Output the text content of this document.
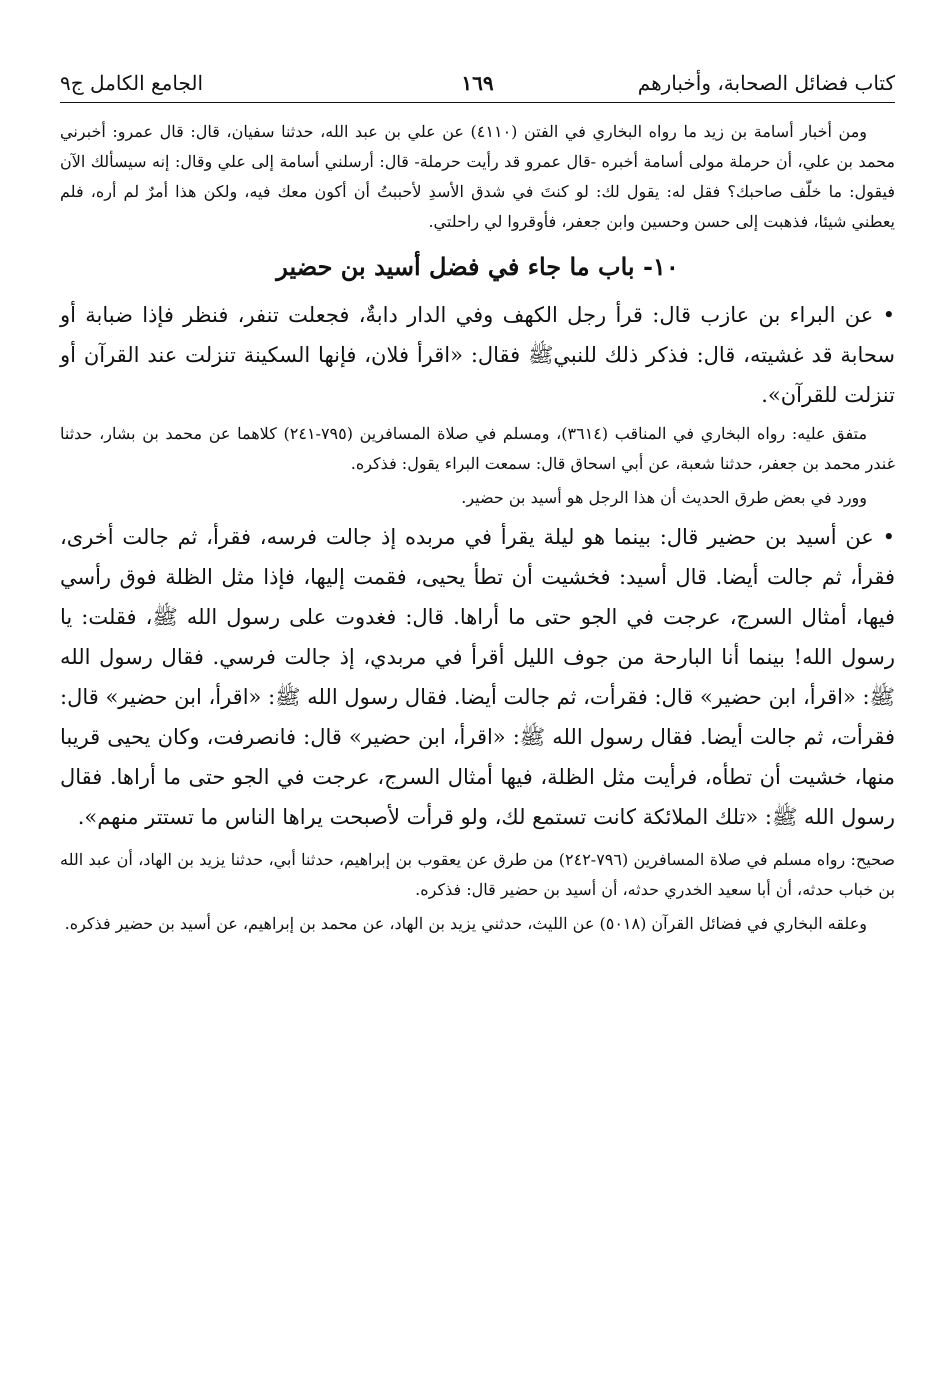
كتاب فضائل الصحابة، وأخبارهم
١٦٩
الجامع الكامل ج٩

ومن أخبار أسامة بن زيد ما رواه البخاري في الفتن (٤١١٠) عن علي بن عبد الله، حدثنا سفيان، قال: قال عمرو: أخبرني محمد بن علي، أن حرملة مولى أسامة أخبره -قال عمرو قد رأيت حرملة- قال: أرسلني أسامة إلى علي وقال: إنه سيسألك الآن فيقول: ما خلّف صاحبك؟ فقل له: يقول لك: لو كنتَ في شدق الأسدِ لأحببتُ أن أكون معك فيه، ولكن هذا أمرٌ لم أره، فلم يعطني شيئا، فذهبت إلى حسن وحسين وابن جعفر، فأوقروا لي راحلتي.

١٠- باب ما جاء في فضل أسيد بن حضير

• عن البراء بن عازب قال: قرأ رجل الكهف وفي الدار دابةٌ، فجعلت تنفر، فنظر فإذا ضبابة أو سحابة قد غشيته، قال: فذكر ذلك للنبيﷺ فقال: «اقرأ فلان، فإنها السكينة تنزلت عند القرآن أو تنزلت للقرآن».

متفق عليه: رواه البخاري في المناقب (٣٦١٤)، ومسلم في صلاة المسافرين (٧٩٥-٢٤١) كلاهما عن محمد بن بشار، حدثنا غندر محمد بن جعفر، حدثنا شعبة، عن أبي اسحاق قال: سمعت البراء يقول: فذكره.

وورد في بعض طرق الحديث أن هذا الرجل هو أسيد بن حضير.

• عن أسيد بن حضير قال: بينما هو ليلة يقرأ في مربده إذ جالت فرسه، فقرأ، ثم جالت أخرى، فقرأ، ثم جالت أيضا. قال أسيد: فخشيت أن تطأ يحيى، فقمت إليها، فإذا مثل الظلة فوق رأسي فيها، أمثال السرج، عرجت في الجو حتى ما أراها. قال: فغدوت على رسول الله ﷺ، فقلت: يا رسول الله! بينما أنا البارحة من جوف الليل أقرأ في مربدي، إذ جالت فرسي. فقال رسول الله ﷺ: «اقرأ، ابن حضير» قال: فقرأت، ثم جالت أيضا. فقال رسول الله ﷺ: «اقرأ، ابن حضير» قال: فقرأت، ثم جالت أيضا. فقال رسول الله ﷺ: «اقرأ، ابن حضير» قال: فانصرفت، وكان يحيى قريبا منها، خشيت أن تطأه، فرأيت مثل الظلة، فيها أمثال السرج، عرجت في الجو حتى ما أراها. فقال رسول الله ﷺ: «تلك الملائكة كانت تستمع لك، ولو قرأت لأصبحت يراها الناس ما تستتر منهم».

صحيح: رواه مسلم في صلاة المسافرين (٧٩٦-٢٤٢) من طرق عن يعقوب بن إبراهيم، حدثنا أبي، حدثنا يزيد بن الهاد، أن عبد الله بن خباب حدثه، أن أبا سعيد الخدري حدثه، أن أسيد بن حضير قال: فذكره.

وعلقه البخاري في فضائل القرآن (٥٠١٨) عن الليث، حدثني يزيد بن الهاد، عن محمد بن إبراهيم، عن أسيد بن حضير فذكره.
